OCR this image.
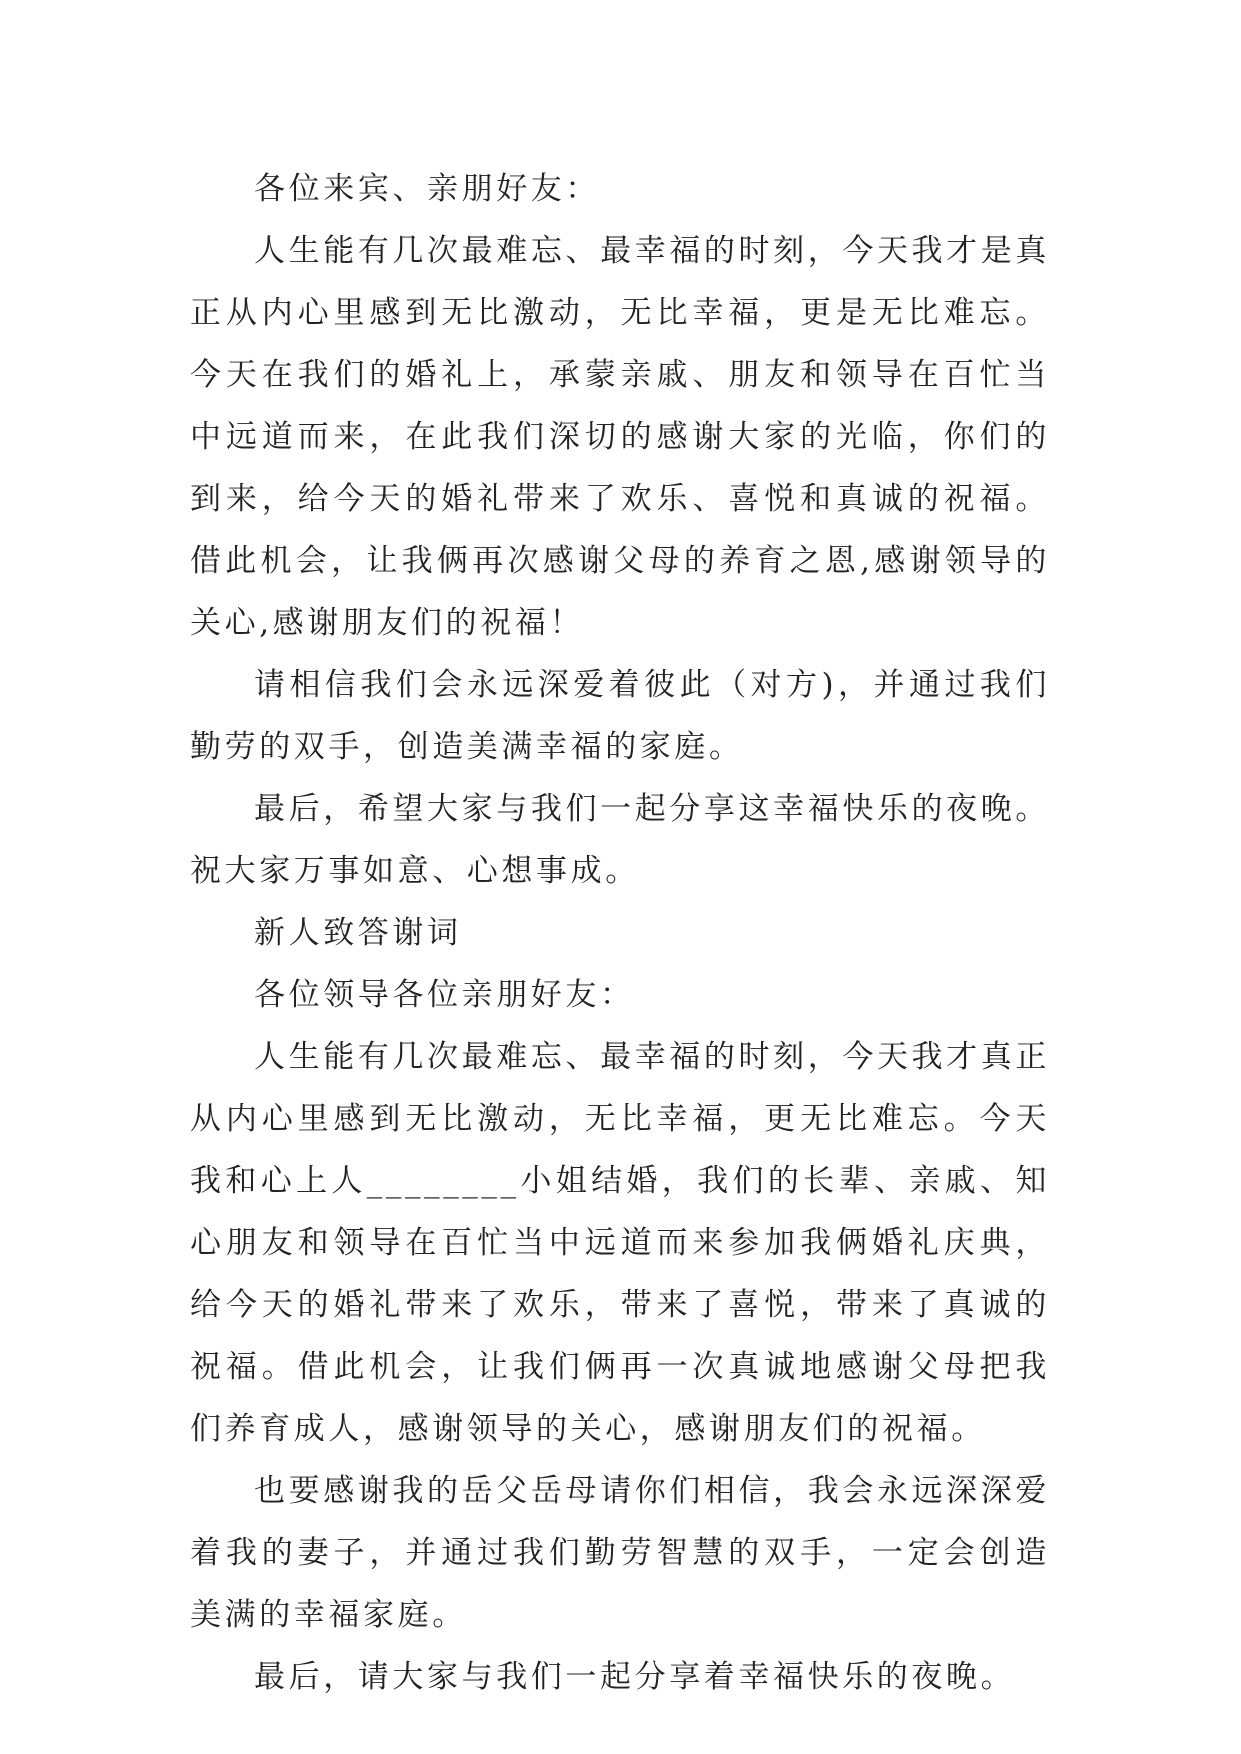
各位来宾、亲朋好友：

人生能有几次最难忘、最幸福的时刻，今天我才是真正从内心里感到无比激动，无比幸福，更是无比难忘。今天在我们的婚礼上，承蒙亲戚、朋友和领导在百忙当中远道而来，在此我们深切的感谢大家的光临，你们的到来，给今天的婚礼带来了欢乐、喜悦和真诚的祝福。借此机会，让我俩再次感谢父母的养育之恩,感谢领导的关心,感谢朋友们的祝福！

请相信我们会永远深爱着彼此（对方)，并通过我们勤劳的双手，创造美满幸福的家庭。

最后，希望大家与我们一起分享这幸福快乐的夜晚。祝大家万事如意、心想事成。

新人致答谢词

各位领导各位亲朋好友：

人生能有几次最难忘、最幸福的时刻，今天我才真正从内心里感到无比激动，无比幸福，更无比难忘。今天我和心上人________小姐结婚，我们的长辈、亲戚、知心朋友和领导在百忙当中远道而来参加我俩婚礼庆典，给今天的婚礼带来了欢乐，带来了喜悦，带来了真诚的祝福。借此机会，让我们俩再一次真诚地感谢父母把我们养育成人，感谢领导的关心，感谢朋友们的祝福。

也要感谢我的岳父岳母请你们相信，我会永远深深爱着我的妻子，并通过我们勤劳智慧的双手，一定会创造美满的幸福家庭。

最后，请大家与我们一起分享着幸福快乐的夜晚。
